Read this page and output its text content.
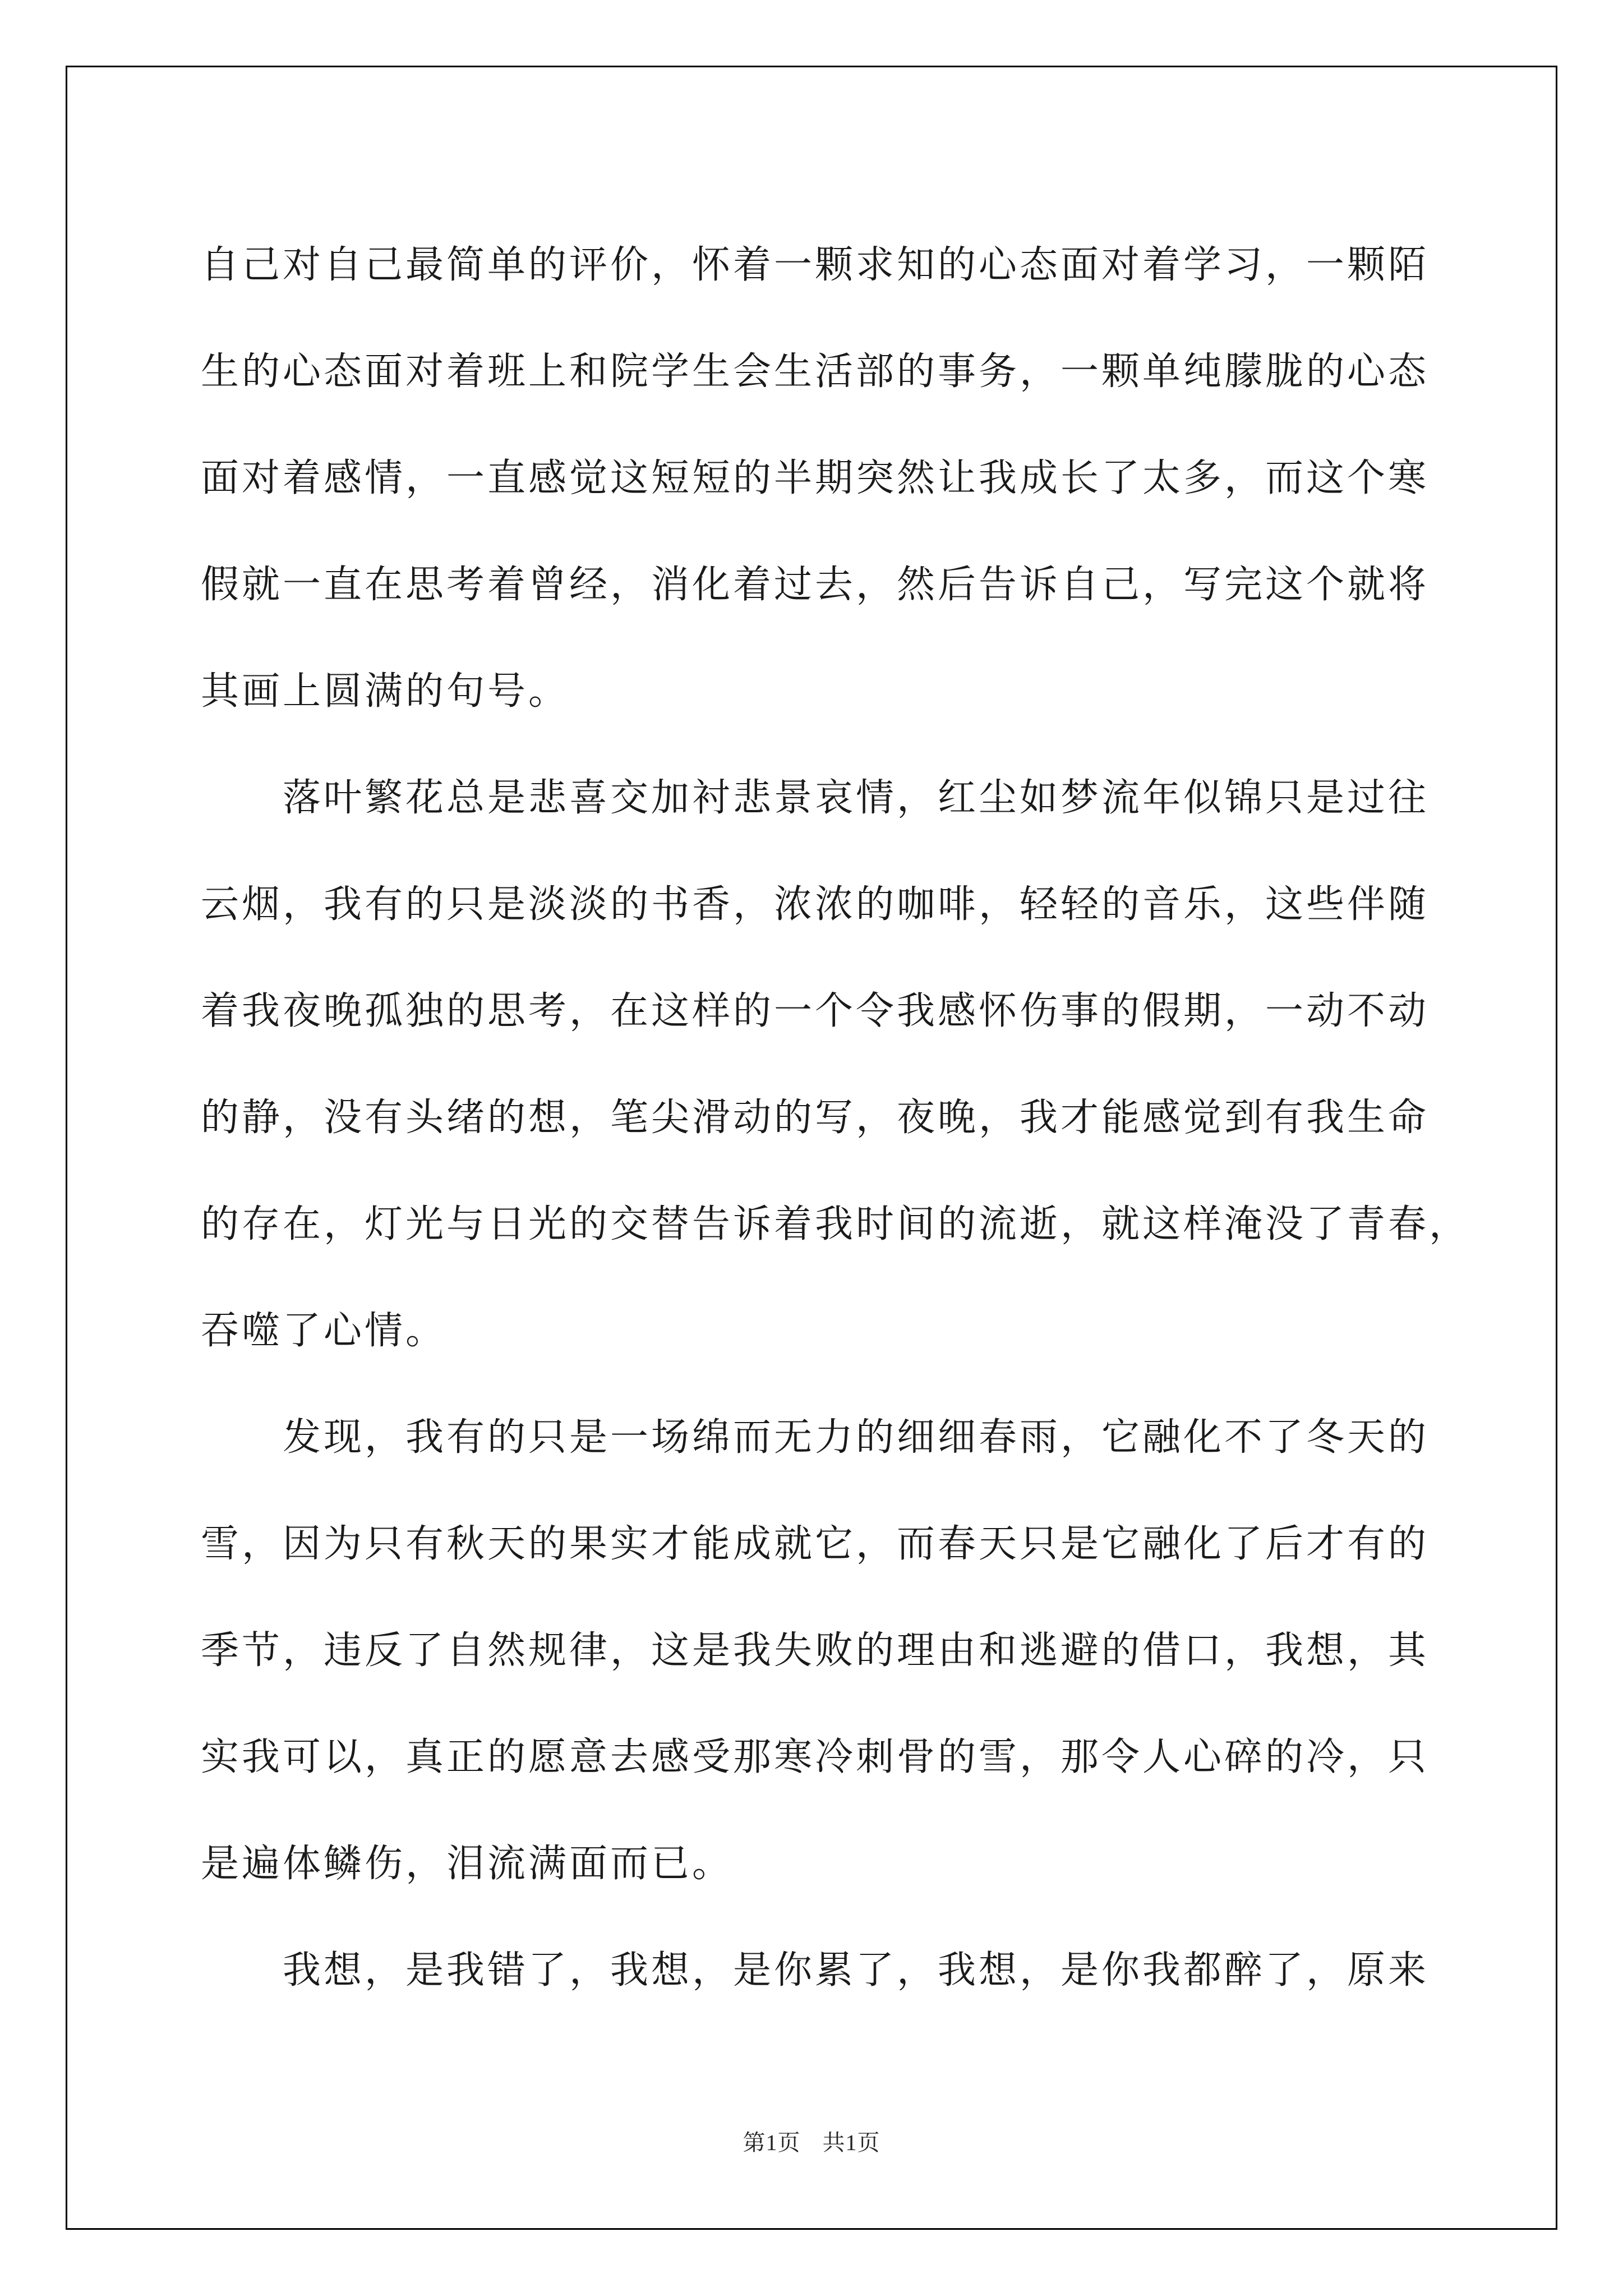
自己对自己最简单的评价，怀着一颗求知的心态面对着学习，一颗陌
生的心态面对着班上和院学生会生活部的事务，一颗单纯朦胧的心态
面对着感情，一直感觉这短短的半期突然让我成长了太多，而这个寒
假就一直在思考着曾经，消化着过去，然后告诉自己，写完这个就将
其画上圆满的句号。
落叶繁花总是悲喜交加衬悲景哀情，红尘如梦流年似锦只是过往
云烟，我有的只是淡淡的书香，浓浓的咖啡，轻轻的音乐，这些伴随
着我夜晚孤独的思考，在这样的一个令我感怀伤事的假期，一动不动
的静，没有头绪的想，笔尖滑动的写，夜晚，我才能感觉到有我生命
的存在，灯光与日光的交替告诉着我时间的流逝，就这样淹没了青春，
吞噬了心情。
发现，我有的只是一场绵而无力的细细春雨，它融化不了冬天的
雪，因为只有秋天的果实才能成就它，而春天只是它融化了后才有的
季节，违反了自然规律，这是我失败的理由和逃避的借口，我想，其
实我可以，真正的愿意去感受那寒冷刺骨的雪，那令人心碎的冷，只
是遍体鳞伤，泪流满面而已。
我想，是我错了，我想，是你累了，我想，是你我都醉了，原来
第1页 共1页
